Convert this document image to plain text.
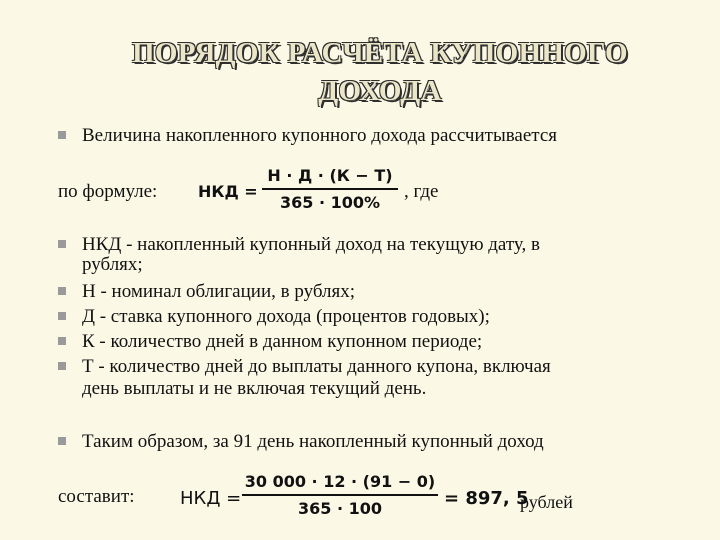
ПОРЯДОК РАСЧЁТА КУПОННОГО
ДОХОДА
Величина накопленного купонного дохода рассчитывается
по формуле:	НКД =
Н · Д · (К − Т)
365 · 100%
, где
НКД - накопленный купонный доход на текущую дату, в
рублях;
Н - номинал облигации, в рублях;
Д - ставка купонного дохода (процентов годовых);
К - количество дней в данном купонном периоде;
Т - количество дней до выплаты данного купона, включая
день выплаты и не включая текущий день.
Таким образом, за 91 день накопленный купонный доход
составит:	НКД =
30 000 · 12 · (91 − 0)
365 · 100	= 897, 5
рублей
